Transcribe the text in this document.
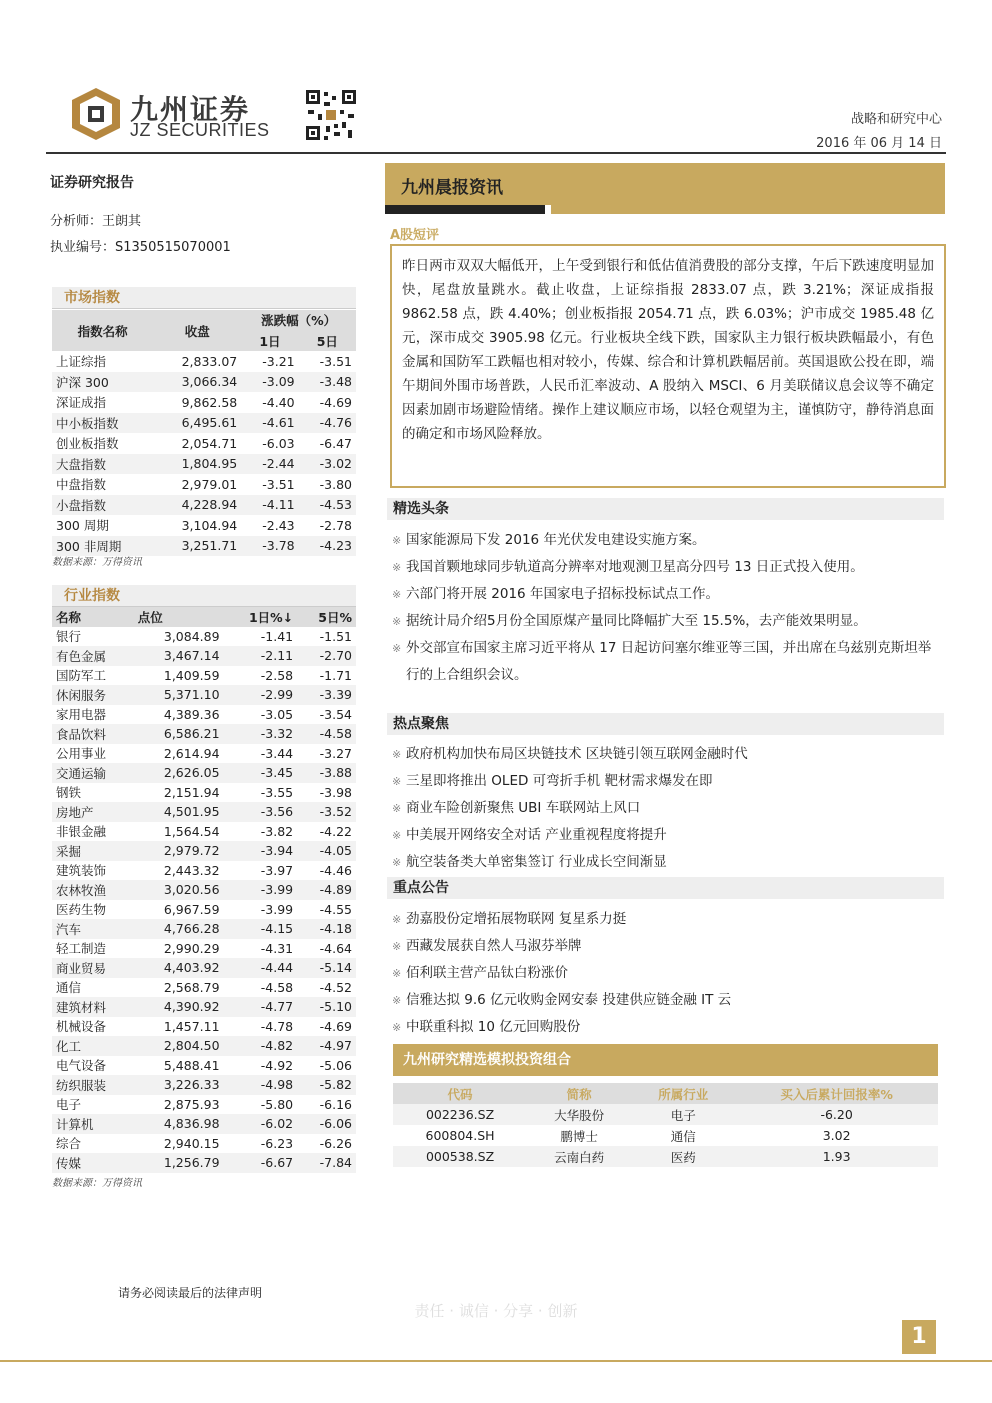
九州证券
JZ SECURITIES
战略和研究中心
2016 年 06 月 14 日
证券研究报告
分析师：王朗其
执业编号：S1350515070001
市场指数
指数名称	收盘	涨跌幅（%）	
		1日	5日
上证综指	2,833.07	-3.21	-3.51
沪深 300	3,066.34	-3.09	-3.48
深证成指	9,862.58	-4.40	-4.69
中小板指数	6,495.61	-4.61	-4.76
创业板指数	2,054.71	-6.03	-6.47
大盘指数	1,804.95	-2.44	-3.02
中盘指数	2,979.01	-3.51	-3.80
小盘指数	4,228.94	-4.11	-4.53
300 周期	3,104.94	-2.43	-2.78
300 非周期	3,251.71	-3.78	-4.23
数据来源：万得资讯
行业指数
名称	点位	1日%↓	5日%
银行	3,084.89	-1.41	-1.51
有色金属	3,467.14	-2.11	-2.70
国防军工	1,409.59	-2.58	-1.71
休闲服务	5,371.10	-2.99	-3.39
家用电器	4,389.36	-3.05	-3.54
食品饮料	6,586.21	-3.32	-4.58
公用事业	2,614.94	-3.44	-3.27
交通运输	2,626.05	-3.45	-3.88
钢铁	2,151.94	-3.55	-3.98
房地产	4,501.95	-3.56	-3.52
非银金融	1,564.54	-3.82	-4.22
采掘	2,979.72	-3.94	-4.05
建筑装饰	2,443.32	-3.97	-4.46
农林牧渔	3,020.56	-3.99	-4.89
医药生物	6,967.59	-3.99	-4.55
汽车	4,766.28	-4.15	-4.18
轻工制造	2,990.29	-4.31	-4.64
商业贸易	4,403.92	-4.44	-5.14
通信	2,568.79	-4.58	-4.52
建筑材料	4,390.92	-4.77	-5.10
机械设备	1,457.11	-4.78	-4.69
化工	2,804.50	-4.82	-4.97
电气设备	5,488.41	-4.92	-5.06
纺织服装	3,226.33	-4.98	-5.82
电子	2,875.93	-5.80	-6.16
计算机	4,836.98	-6.02	-6.06
综合	2,940.15	-6.23	-6.26
传媒	1,256.79	-6.67	-7.84
数据来源：万得资讯
九州晨报资讯
A股短评
昨日两市双双大幅低开，上午受到银行和低估值消费股的部分支撑，午后下跌速度明显加快，尾盘放量跳水。截止收盘，上证综指报 2833.07 点，跌 3.21%；深证成指报 9862.58 点，跌 4.40%；创业板指报 2054.71 点，跌 6.03%；沪市成交 1985.48 亿元，深市成交 3905.98 亿元。行业板块全线下跌，国家队主力银行板块跌幅最小，有色金属和国防军工跌幅也相对较小，传媒、综合和计算机跌幅居前。英国退欧公投在即，端午期间外围市场普跌，人民币汇率波动、A 股纳入 MSCI、6 月美联储议息会议等不确定因素加剧市场避险情绪。操作上建议顺应市场，以轻仓观望为主，谨慎防守，静待消息面的确定和市场风险释放。
精选头条
※ 国家能源局下发 2016 年光伏发电建设实施方案。
※ 我国首颗地球同步轨道高分辨率对地观测卫星高分四号 13 日正式投入使用。
※ 六部门将开展 2016 年国家电子招标投标试点工作。
※ 据统计局介绍5月份全国原煤产量同比降幅扩大至 15.5%，去产能效果明显。
※ 外交部宣布国家主席习近平将从 17 日起访问塞尔维亚等三国，并出席在乌兹别克斯坦举行的上合组织会议。
热点聚焦
※ 政府机构加快布局区块链技术 区块链引领互联网金融时代
※ 三星即将推出 OLED 可弯折手机 靶材需求爆发在即
※ 商业车险创新聚焦 UBI 车联网站上风口
※ 中美展开网络安全对话 产业重视程度将提升
※ 航空装备类大单密集签订 行业成长空间渐显
重点公告
※ 劲嘉股份定增拓展物联网 复星系力挺
※ 西藏发展获自然人马淑芬举牌
※ 佰利联主营产品钛白粉涨价
※ 信雅达拟 9.6 亿元收购金网安泰 投建供应链金融 IT 云
※ 中联重科拟 10 亿元回购股份
九州研究精选模拟投资组合
代码	简称	所属行业	买入后累计回报率%
002236.SZ	大华股份	电子	-6.20
600804.SH	鹏博士	通信	3.02
000538.SZ	云南白药	医药	1.93
请务必阅读最后的法律声明
责任 · 诚信 · 分享 · 创新
1
